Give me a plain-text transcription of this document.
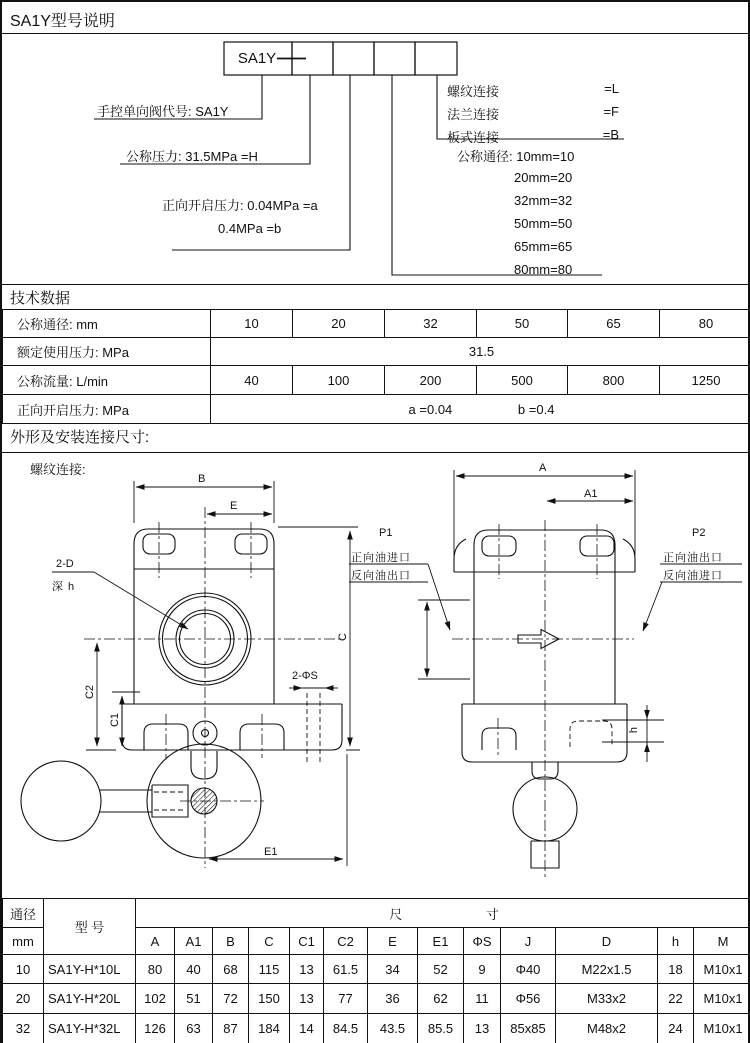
SA1Y型号说明
SA1Y
手控单向阀代号: SA1Y
公称压力: 31.5MPa =H
正向开启压力: 0.04MPa =a
0.4MPa =b
螺纹连接	=L
法兰连接	=F
板式连接	=B
公称通径: 10mm=10
20mm=20
32mm=32
50mm=50
65mm=65
80mm=80
技术数据
公称通径: mm	10	20	32	50	65	80
额定使用压力: MPa	31.5					
公称流量: L/min	40	100	200	500	800	1250
正向开启压力: MPa	a =0.04 b =0.4					
外形及安装连接尺寸:
螺纹连接:
B
E
C
C2
C1
E1
2-D
深 h
2-ΦS
A
A1
h
P1
正向油进口
反向油出口
P2
正向油出口
反向油进口
通径	型 号	尺 寸												
mm		A	A1	B	C	C1	C2	E	E1	ΦS	J	D	h	M
10	SA1Y-H*10L	80	40	68	115	13	61.5	34	52	9	Φ40	M22x1.5	18	M10x1
20	SA1Y-H*20L	102	51	72	150	13	77	36	62	11	Φ56	M33x2	22	M10x1
32	SA1Y-H*32L	126	63	87	184	14	84.5	43.5	85.5	13	85x85	M48x2	24	M10x1
